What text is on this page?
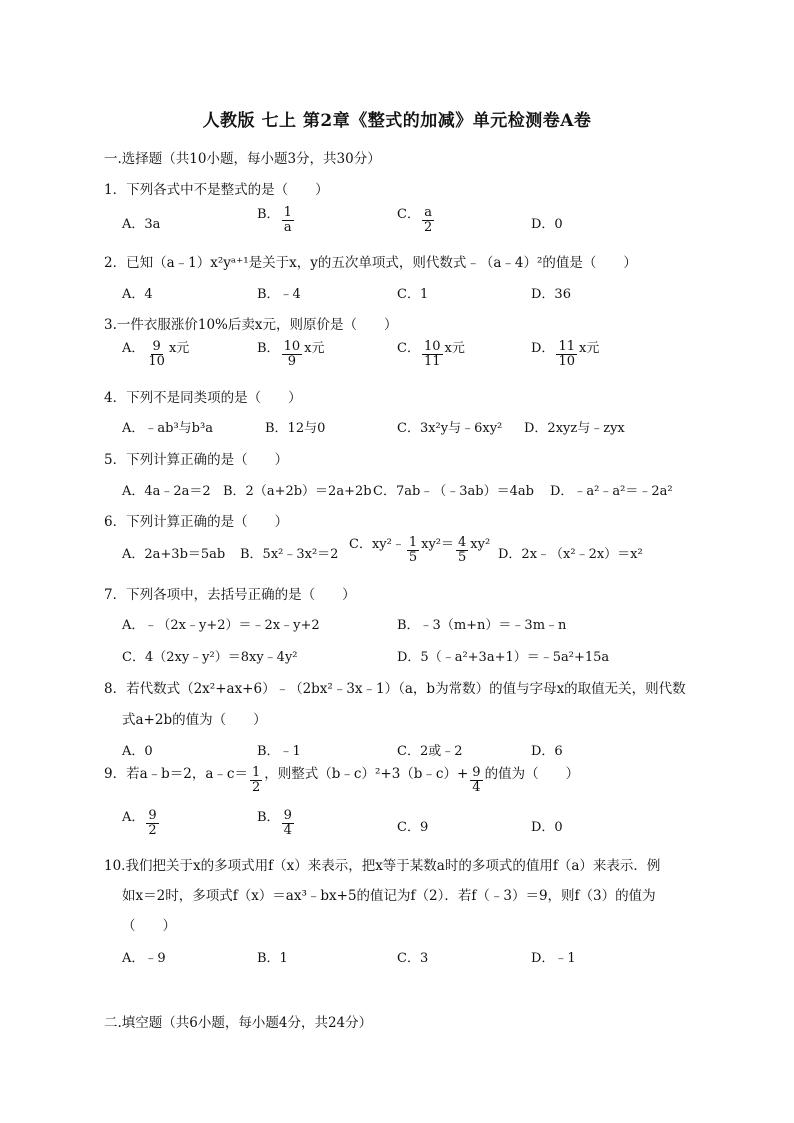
人教版 七上 第2章《整式的加减》单元检测卷A卷
一.选择题（共10小题，每小题3分，共30分）
1．下列各式中不是整式的是（　　）
A．3a
B． $\frac{1}{a}$	C． $\frac{a}{2}$	D．0
2．已知（a﹣1）x²yᵃ⁺¹是关于x，y的五次单项式，则代数式﹣（a﹣4）²的值是（　　）
A．4	B．﹣4	C．1	D．36
3.一件衣服涨价10%后卖x元，则原价是（　　）
A． $\frac{9}{10}$ x元	B． $\frac{10}{9}$ x元	C． $\frac{10}{11}$ x元	D． $\frac{11}{10}$ x元
4．下列不是同类项的是（　　）
A．﹣ab³与b³a	B．12与0	C．3x²y与﹣6xy² D．2xyz与﹣zyx
5．下列计算正确的是（　　）
A．4a﹣2a＝2 B．2（a+2b）＝2a+2b C．7ab﹣（﹣3ab）＝4ab D．﹣a²﹣a²＝﹣2a²
6．下列计算正确的是（　　）
A．2a+3b＝5ab B．5x²﹣3x²＝2
C．xy²﹣ $\frac{1}{5} xy^2= \frac{4}{5} xy^2$
D．2x﹣（x²﹣2x）＝x²
7．下列各项中，去括号正确的是（　　）
A．﹣（2x﹣y+2）＝﹣2x﹣y+2	B．﹣3（m+n）＝﹣3m﹣n
C．4（2xy﹣y²）＝8xy﹣4y²	D．5（﹣a²+3a+1）＝﹣5a²+15a
8．若代数式（2x²+ax+6）﹣（2bx²﹣3x﹣1）（a，b为常数）的值与字母x的取值无关，则代数
式a+2b的值为（　　）
A．0	B．﹣1	C．2或﹣2	D．6
9．若a﹣b＝2，a﹣c＝ $\frac{1}{2}$ ，则整式（b﹣c）²+3（b﹣c）+ $\frac{9}{4}$ 的值为（　　）
A． $\frac{9}{2}$	B． $\frac{9}{4}$	C．9	D．0
10.我们把关于x的多项式用f（x）来表示，把x等于某数a时的多项式的值用f（a）来表示．例
如x＝2时，多项式f（x）＝ax³﹣bx+5的值记为f（2）．若f（﹣3）＝9，则f（3）的值为
（　　）
A．﹣9	B．1	C．3	D．﹣1
二.填空题（共6小题，每小题4分，共24分）
